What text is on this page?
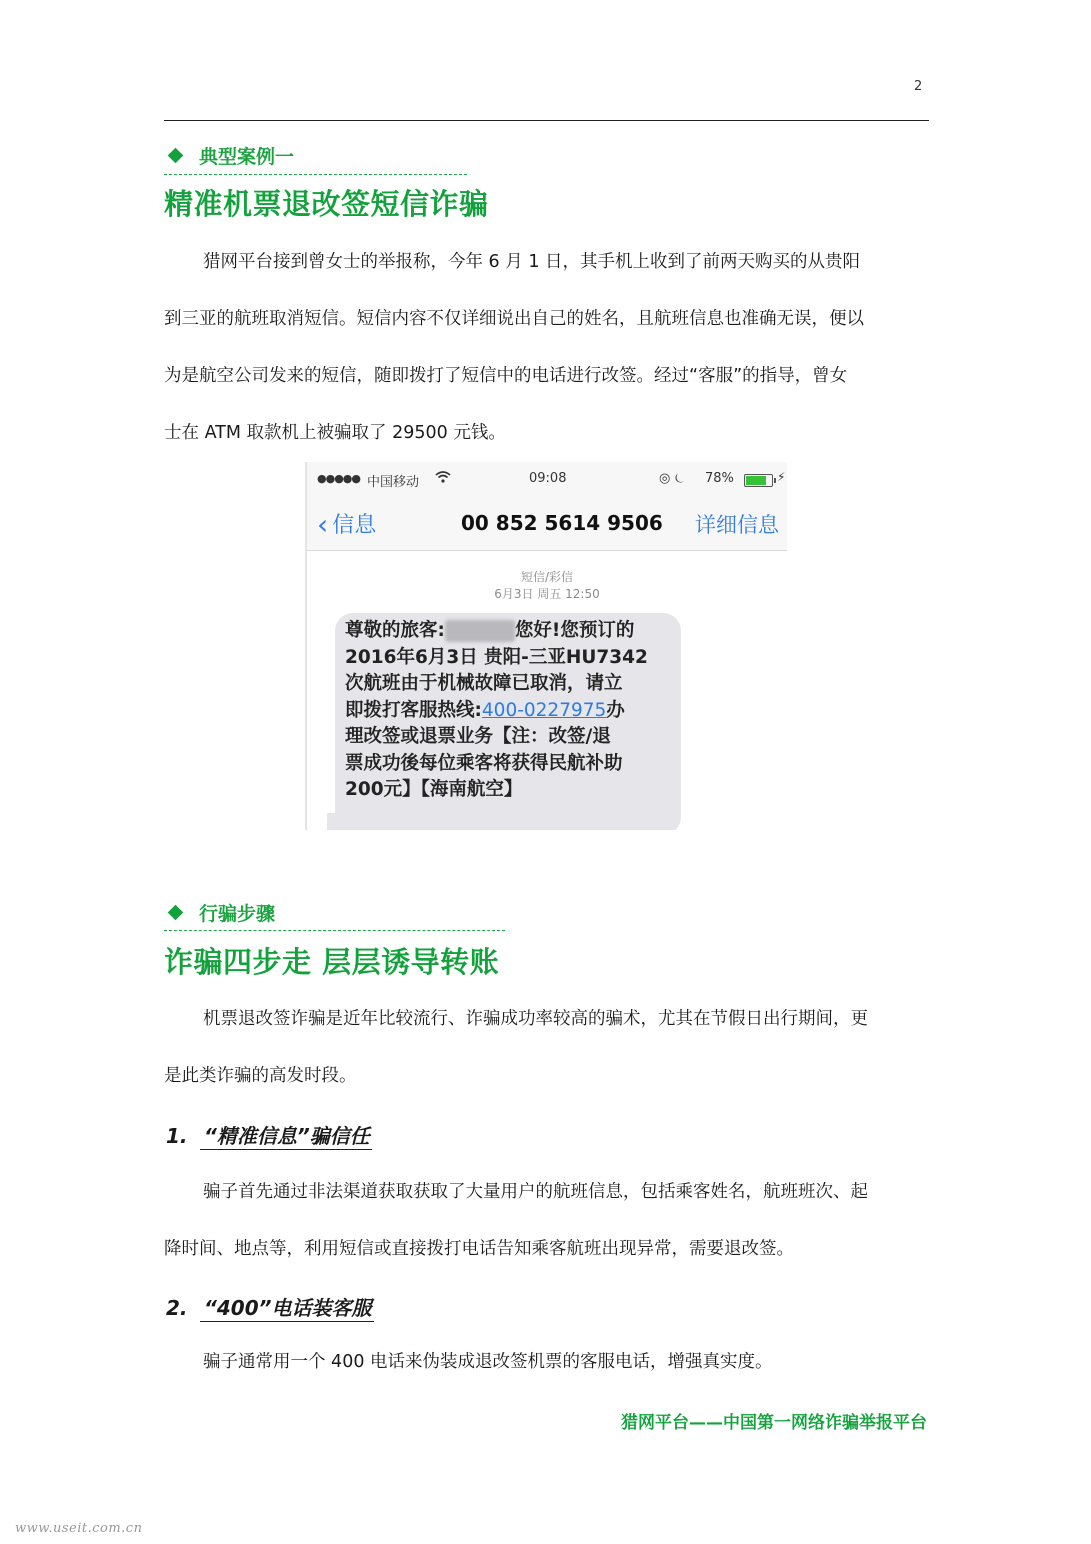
2
典型案例一
精准机票退改签短信诈骗

猎网平台接到曾女士的举报称，今年 6 月 1 日，其手机上收到了前两天购买的从贵阳

到三亚的航班取消短信。短信内容不仅详细说出自己的姓名，且航班信息也准确无误，便以

为是航空公司发来的短信，随即拨打了短信中的电话进行改签。经过“客服”的指导，曾女

士在 ATM 取款机上被骗取了 29500 元钱。

●●●●● 中国移动	09:08	◎ ⏾ 78%	⚡
‹ 信息	00 852 5614 9506 详细信息
短信/彩信
6月3日 周五 12:50
尊敬的旅客:	您好!您预订的
2016年6月3日 贵阳-三亚HU7342
次航班由于机械故障已取消，请立
即拨打客服热线:400-0227975办
理改签或退票业务【注：改签/退
票成功後每位乘客将获得民航补助
200元】【海南航空】
行骗步骤
诈骗四步走 层层诱导转账

机票退改签诈骗是近年比较流行、诈骗成功率较高的骗术，尤其在节假日出行期间，更

是此类诈骗的高发时段。

1. “精准信息”骗信任

骗子首先通过非法渠道获取获取了大量用户的航班信息，包括乘客姓名，航班班次、起

降时间、地点等，利用短信或直接拨打电话告知乘客航班出现异常，需要退改签。

2. “400”电话装客服

骗子通常用一个 400 电话来伪装成退改签机票的客服电话，增强真实度。

猎网平台——中国第一网络诈骗举报平台
www.useit.com.cn
